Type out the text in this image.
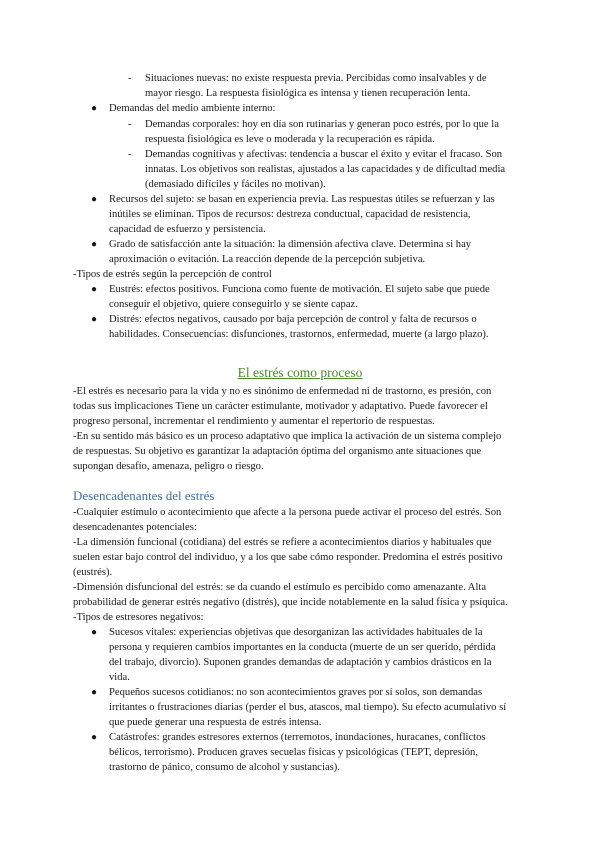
- Situaciones nuevas: no existe respuesta previa. Percibidas como insalvables y de
mayor riesgo. La respuesta fisiológica es intensa y tienen recuperación lenta.
● Demandas del medio ambiente interno:
- Demandas corporales: hoy en día son rutinarias y generan poco estrés, por lo que la
respuesta fisiológica es leve o moderada y la recuperación es rápida.
- Demandas cognitivas y afectivas: tendencia a buscar el éxito y evitar el fracaso. Son
innatas. Los objetivos son realistas, ajustados a las capacidades y de dificultad media
(demasiado difíciles y fáciles no motivan).
● Recursos del sujeto: se basan en experiencia previa. Las respuestas útiles se refuerzan y las
inútiles se eliminan. Tipos de recursos: destreza conductual, capacidad de resistencia,
capacidad de esfuerzo y persistencia.
● Grado de satisfacción ante la situación: la dimensión afectiva clave. Determina si hay
aproximación o evitación. La reacción depende de la percepción subjetiva.
-Tipos de estrés según la percepción de control
● Eustrés: efectos positivos. Funciona como fuente de motivación. El sujeto sabe que puede
conseguir el objetivo, quiere conseguirlo y se siente capaz.
● Distrés: efectos negativos, causado por baja percepción de control y falta de recursos o
habilidades. Consecuencias: disfunciones, trastornos, enfermedad, muerte (a largo plazo).
El estrés como proceso
-El estrés es necesario para la vida y no es sinónimo de enfermedad ni de trastorno, es presión, con
todas sus implicaciones Tiene un carácter estimulante, motivador y adaptativo. Puede favorecer el
progreso personal, incrementar el rendimiento y aumentar el repertorio de respuestas.
-En su sentido más básico es un proceso adaptativo que implica la activación de un sistema complejo
de respuestas. Su objetivo es garantizar la adaptación óptima del organismo ante situaciones que
supongan desafío, amenaza, peligro o riesgo.
Desencadenantes del estrés
-Cualquier estímulo o acontecimiento que afecte a la persona puede activar el proceso del estrés. Son
desencadenantes potenciales:
-La dimensión funcional (cotidiana) del estrés se refiere a acontecimientos diarios y habituales que
suelen estar bajo control del individuo, y a los que sabe cómo responder. Predomina el estrés positivo
(eustrés).
-Dimensión disfuncional del estrés: se da cuando el estímulo es percibido como amenazante. Alta
probabilidad de generar estrés negativo (distrés), que incide notablemente en la salud física y psíquica.
-Tipos de estresores negativos:
● Sucesos vitales: experiencias objetivas que desorganizan las actividades habituales de la
persona y requieren cambios importantes en la conducta (muerte de un ser querido, pérdida
del trabajo, divorcio). Suponen grandes demandas de adaptación y cambios drásticos en la
vida.
● Pequeños sucesos cotidianos: no son acontecimientos graves por sí solos, son demandas
irritantes o frustraciones diarias (perder el bus, atascos, mal tiempo). Su efecto acumulativo sí
que puede generar una respuesta de estrés intensa.
● Catástrofes: grandes estresores externos (terremotos, inundaciones, huracanes, conflictos
bélicos, terrorismo). Producen graves secuelas físicas y psicológicas (TEPT, depresión,
trastorno de pánico, consumo de alcohol y sustancias).
